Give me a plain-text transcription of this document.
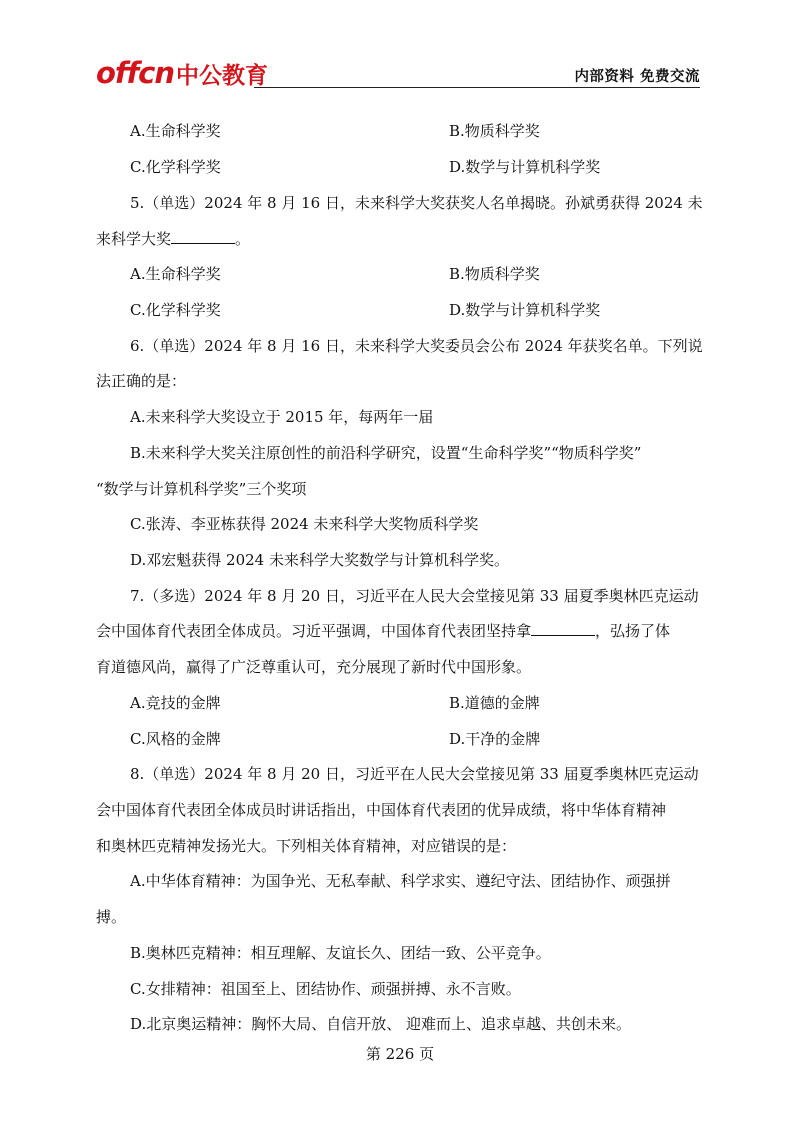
offcn 中公教育	内部资料 免费交流
A.生命科学奖	B.物质科学奖
C.化学科学奖	D.数学与计算机科学奖
5.（单选）2024 年 8 月 16 日，未来科学大奖获奖人名单揭晓。孙斌勇获得 2024 未
来科学大奖	。
A.生命科学奖	B.物质科学奖
C.化学科学奖	D.数学与计算机科学奖
6.（单选）2024 年 8 月 16 日，未来科学大奖委员会公布 2024 年获奖名单。下列说
法正确的是：
A.未来科学大奖设立于 2015 年，每两年一届
B.未来科学大奖关注原创性的前沿科学研究，设置“生命科学奖”“物质科学奖”
“数学与计算机科学奖”三个奖项
C.张涛、李亚栋获得 2024 未来科学大奖物质科学奖
D.邓宏魁获得 2024 未来科学大奖数学与计算机科学奖。
7.（多选）2024 年 8 月 20 日，习近平在人民大会堂接见第 33 届夏季奥林匹克运动
会中国体育代表团全体成员。习近平强调，中国体育代表团坚持拿	，弘扬了体
育道德风尚，赢得了广泛尊重认可，充分展现了新时代中国形象。
A.竞技的金牌	B.道德的金牌
C.风格的金牌	D.干净的金牌
8.（单选）2024 年 8 月 20 日，习近平在人民大会堂接见第 33 届夏季奥林匹克运动
会中国体育代表团全体成员时讲话指出，中国体育代表团的优异成绩，将中华体育精神
和奥林匹克精神发扬光大。下列相关体育精神，对应错误的是：
A.中华体育精神：为国争光、无私奉献、科学求实、遵纪守法、团结协作、顽强拼
搏。
B.奥林匹克精神：相互理解、友谊长久、团结一致、公平竞争。
C.女排精神：祖国至上、团结协作、顽强拼搏、永不言败。
D.北京奥运精神：胸怀大局、自信开放、 迎难而上、追求卓越、共创未来。
第 226 页
